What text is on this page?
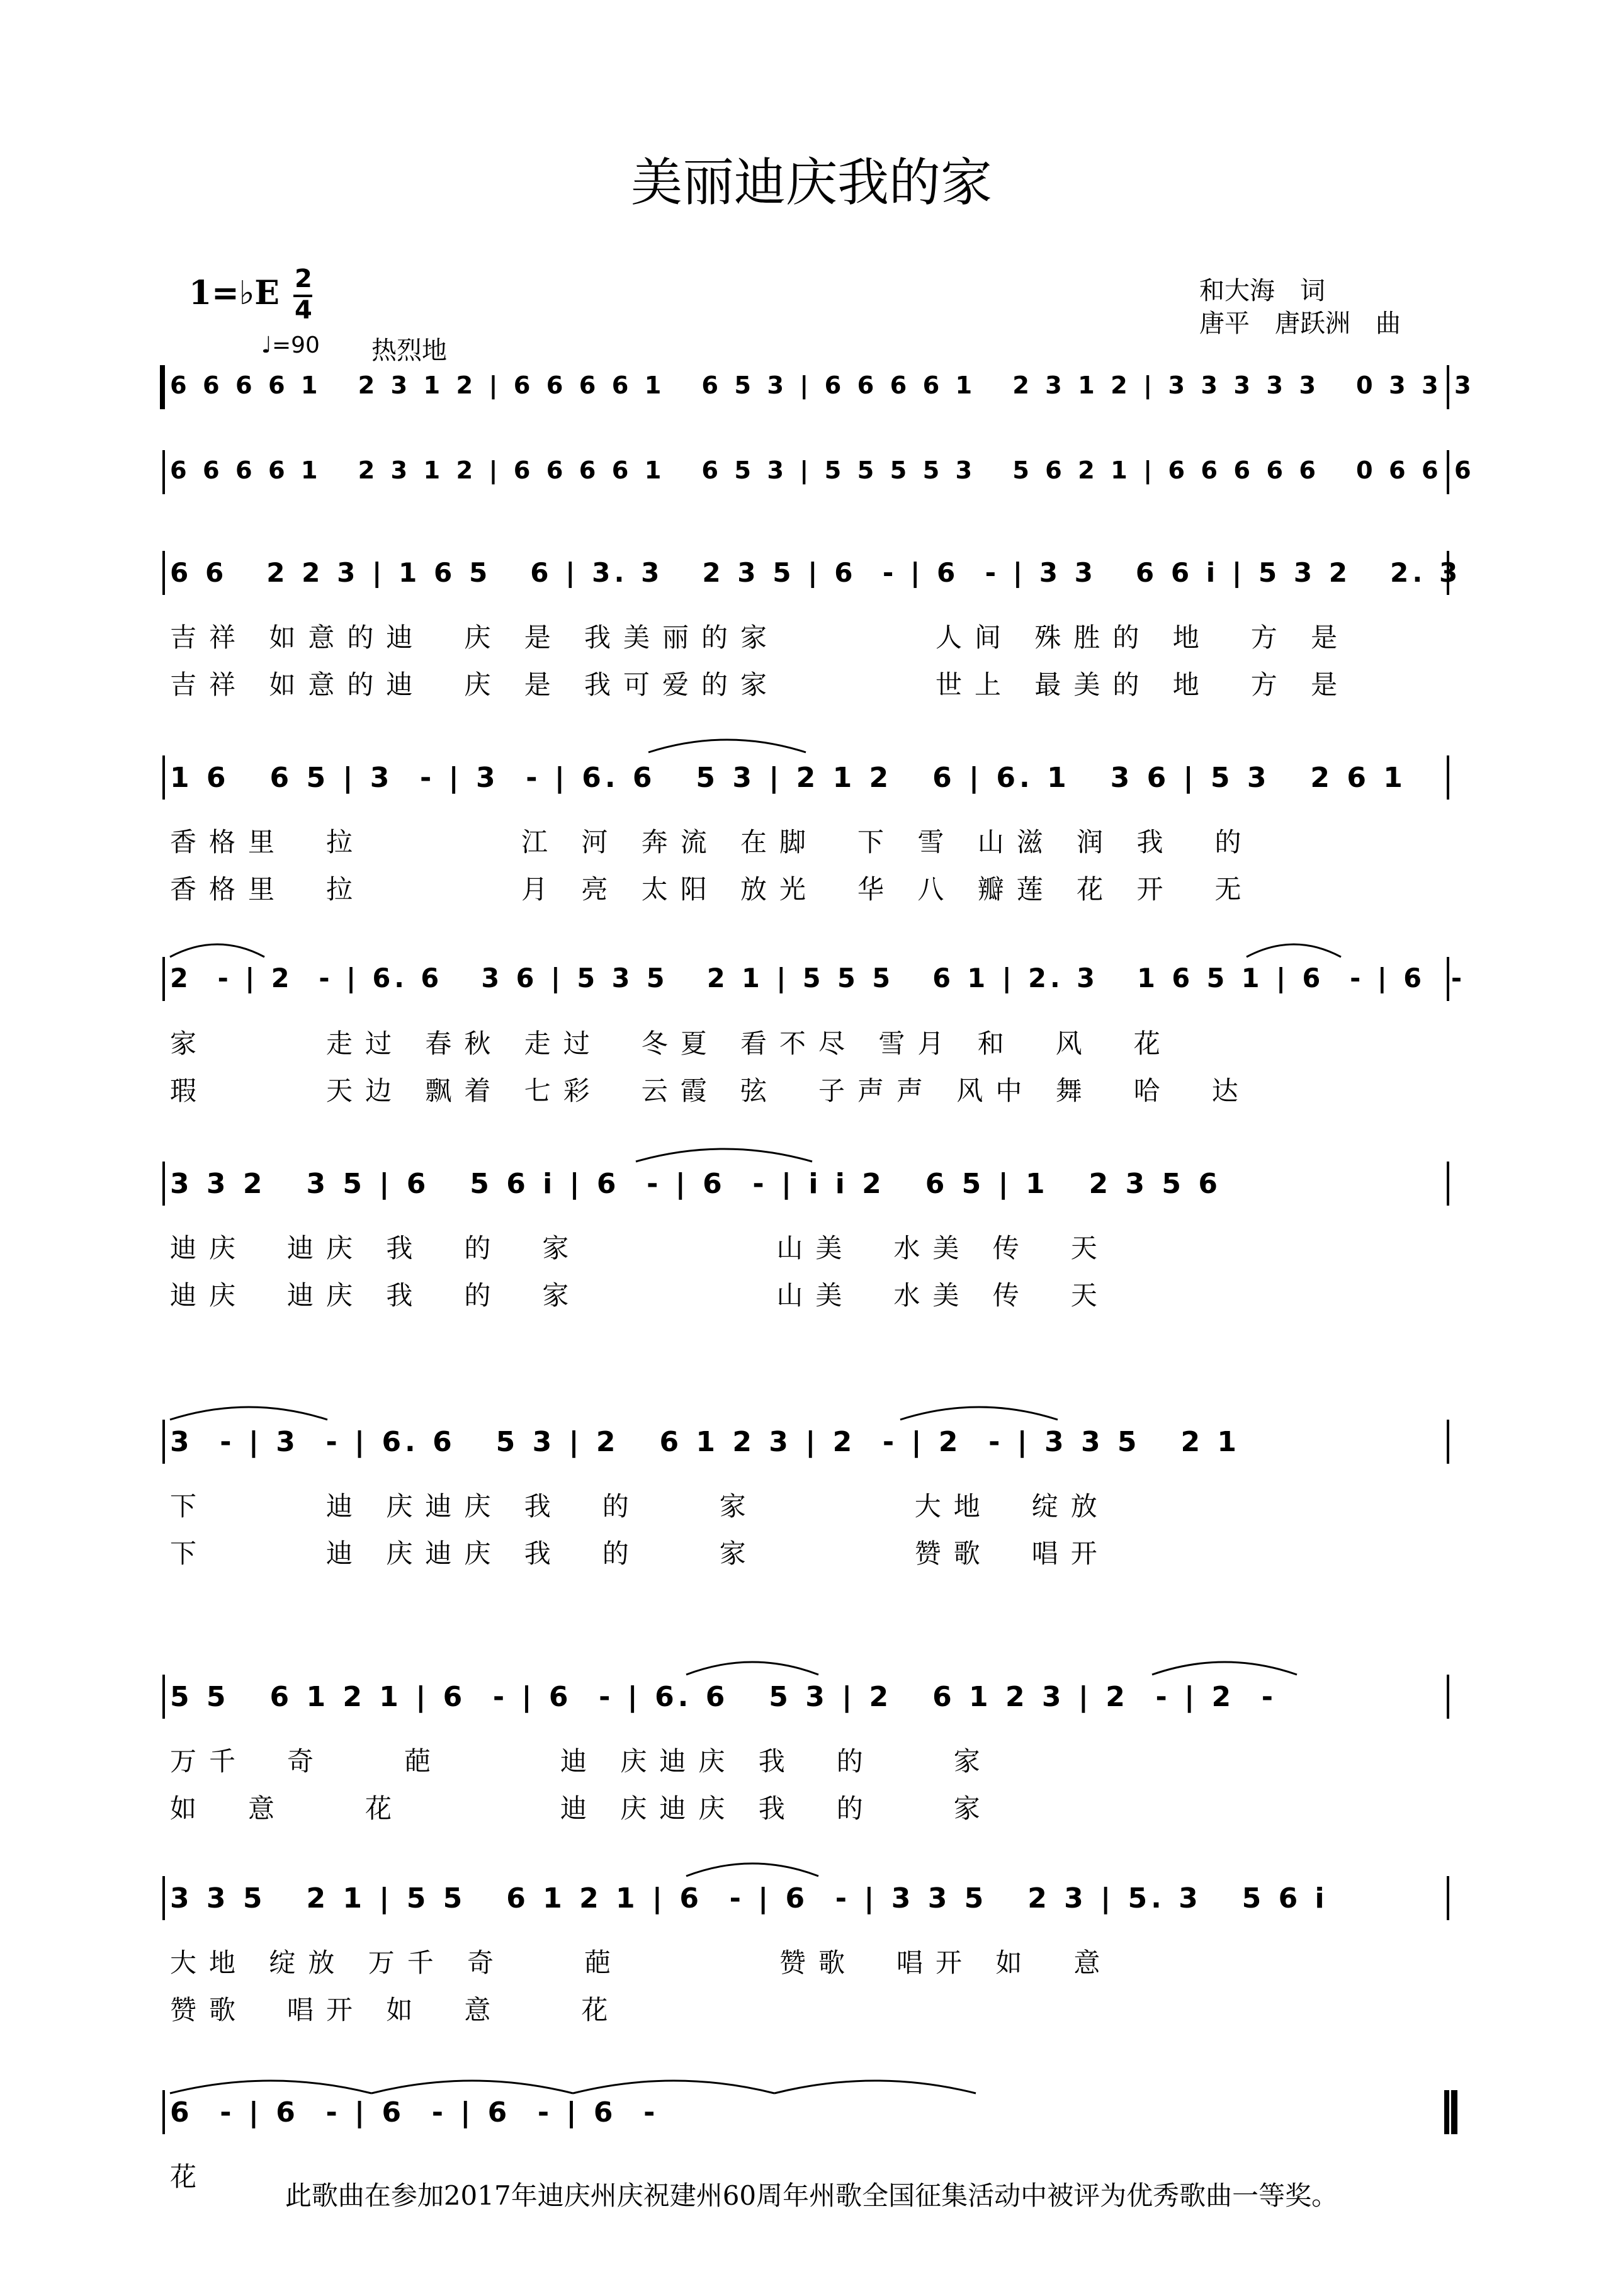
美丽迪庆我的家
和大海　词
唐平　唐跃洲　曲
1=♭E 2
4
♩=90 热烈地
6 6 6 6 1   2 3 1 2 | 6 6 6 6 1   6 5 3 | 6 6 6 6 1   2 3 1 2 | 3 3 3 3 3   0 3 3 3
6 6 6 6 1   2 3 1 2 | 6 6 6 6 1   6 5 3 | 5 5 5 5 3   5 6 2 1 | 6 6 6 6 6   0 6 6 6
6 6   2 2 3 | 1 6 5   6 | 3. 3   2 3 5 | 6  - | 6  - | 3 3   6 6 i | 5 3 2   2. 3
吉祥 如意的迪　庆 是 我美丽的家　　　　人间 殊胜的 地　方 是
吉祥 如意的迪　庆 是 我可爱的家　　　　世上 最美的 地　方 是
1 6   6 5 | 3  - | 3  - | 6. 6   5 3 | 2 1 2   6 | 6. 1   3 6 | 5 3   2 6 1
香格里　拉　　　　江 河 奔流 在脚　下 雪 山滋 润 我　的
香格里　拉　　　　月 亮 太阳 放光　华 八 瓣莲 花 开　无
2  - | 2  - | 6. 6   3 6 | 5 3 5   2 1 | 5 5 5   6 1 | 2. 3   1 6 5 1 | 6  - | 6  -
家　　　走过 春秋 走过　冬夏 看不尽 雪月 和　风　花
瑕　　　天边 飘着 七彩　云霞 弦　子声声 风中 舞　哈　达
3 3 2   3 5 | 6   5 6 i | 6  - | 6  - | i i 2   6 5 | 1   2 3 5 6
迪庆　迪庆 我　的　家　　　　　山美　水美 传　天
迪庆　迪庆 我　的　家　　　　　山美　水美 传　天
3  - | 3  - | 6. 6   5 3 | 2   6 1 2 3 | 2  - | 2  - | 3 3 5   2 1
下　　　迪 庆迪庆 我　的　　家　　　　大地　绽放
下　　　迪 庆迪庆 我　的　　家　　　　赞歌　唱开
5 5   6 1 2 1 | 6  - | 6  - | 6. 6   5 3 | 2   6 1 2 3 | 2  - | 2  -
万千　奇　　葩　　　迪 庆迪庆 我　的　　家
如　意　　花　　　　迪 庆迪庆 我　的　　家
3 3 5   2 1 | 5 5   6 1 2 1 | 6  - | 6  - | 3 3 5   2 3 | 5. 3   5 6 i
大地 绽放 万千 奇　　葩　　　　赞歌　唱开 如　意
赞歌　唱开 如　意　　花
6  - | 6  - | 6  - | 6  - | 6  -
花
此歌曲在参加2017年迪庆州庆祝建州60周年州歌全国征集活动中被评为优秀歌曲一等奖。
